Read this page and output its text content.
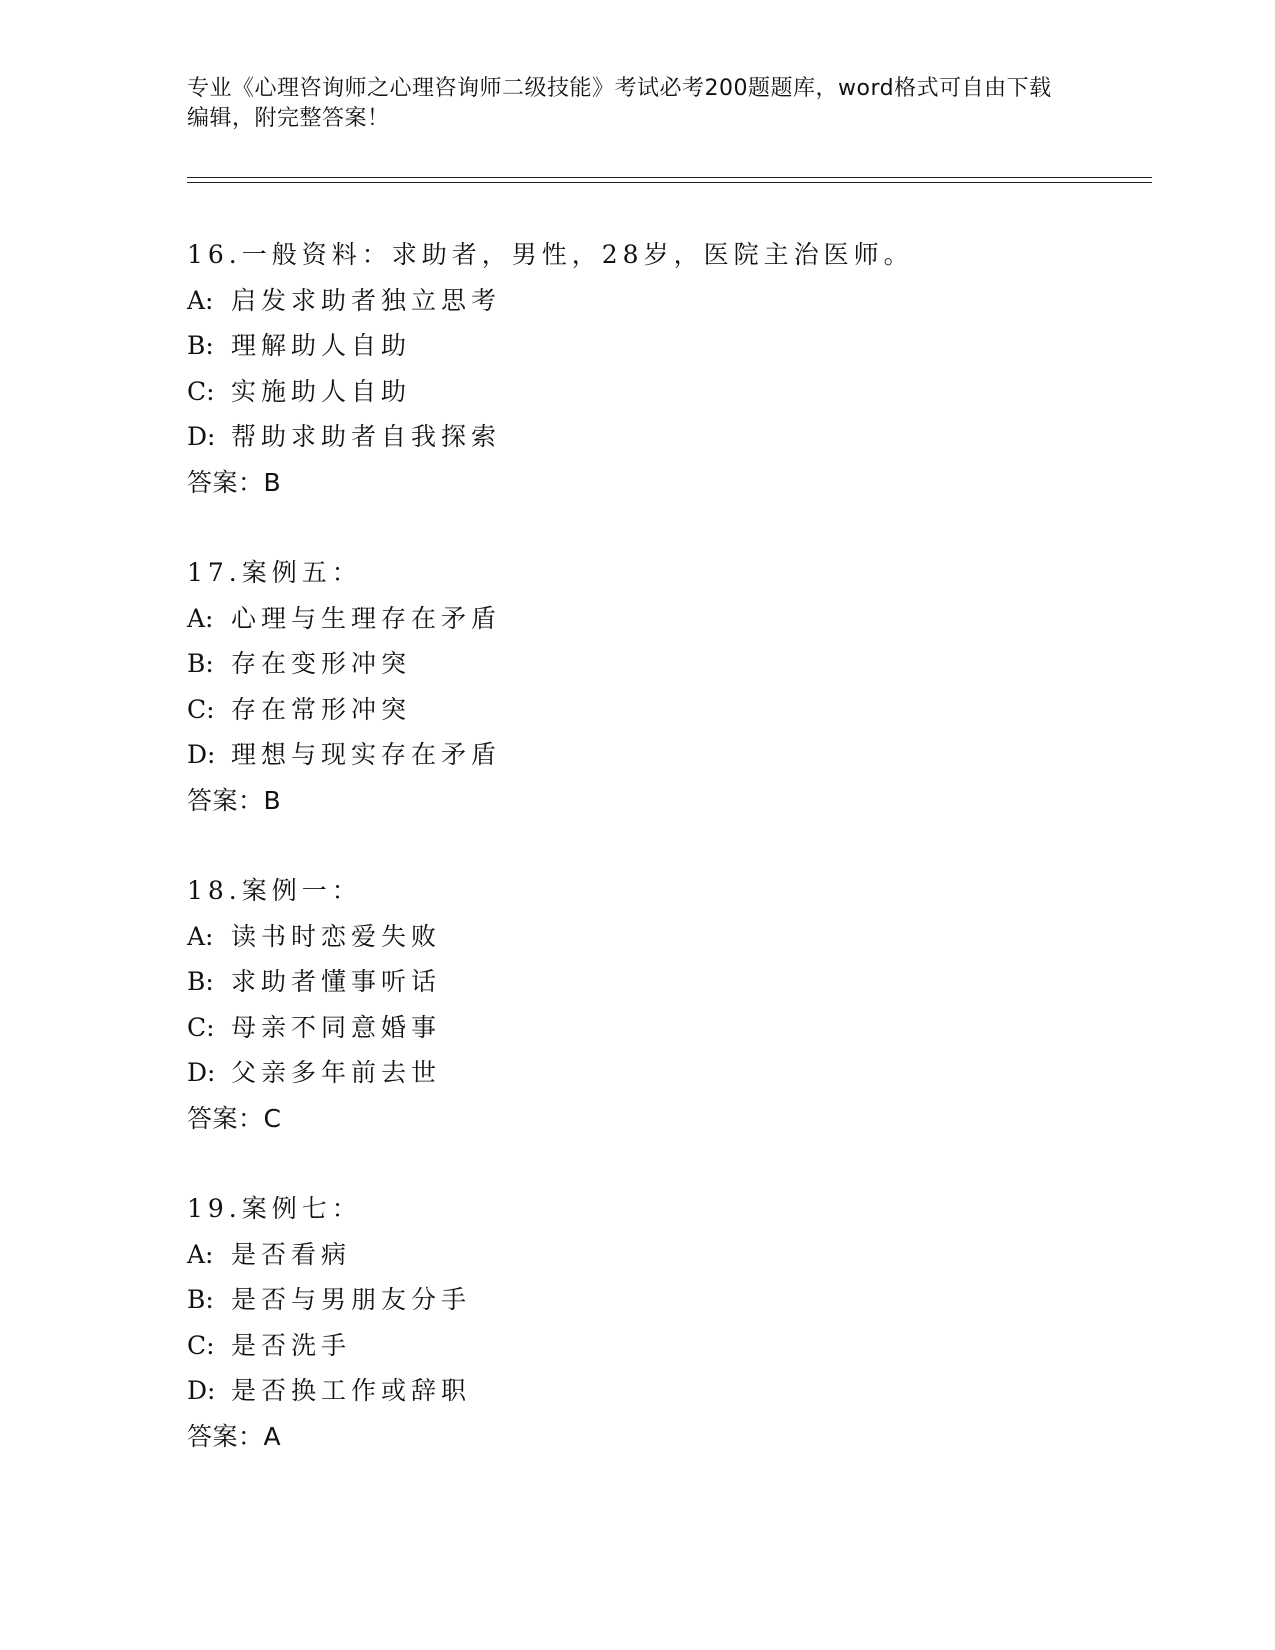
专业《心理咨询师之心理咨询师二级技能》考试必考200题题库，word格式可自由下载编辑，附完整答案！
16.一般资料：求助者，男性，28岁，医院主治医师。
A: 启发求助者独立思考
B: 理解助人自助
C: 实施助人自助
D: 帮助求助者自我探索
答案：B
17.案例五：
A: 心理与生理存在矛盾
B: 存在变形冲突
C: 存在常形冲突
D: 理想与现实存在矛盾
答案：B
18.案例一：
A: 读书时恋爱失败
B: 求助者懂事听话
C: 母亲不同意婚事
D: 父亲多年前去世
答案：C
19.案例七：
A: 是否看病
B: 是否与男朋友分手
C: 是否洗手
D: 是否换工作或辞职
答案：A
